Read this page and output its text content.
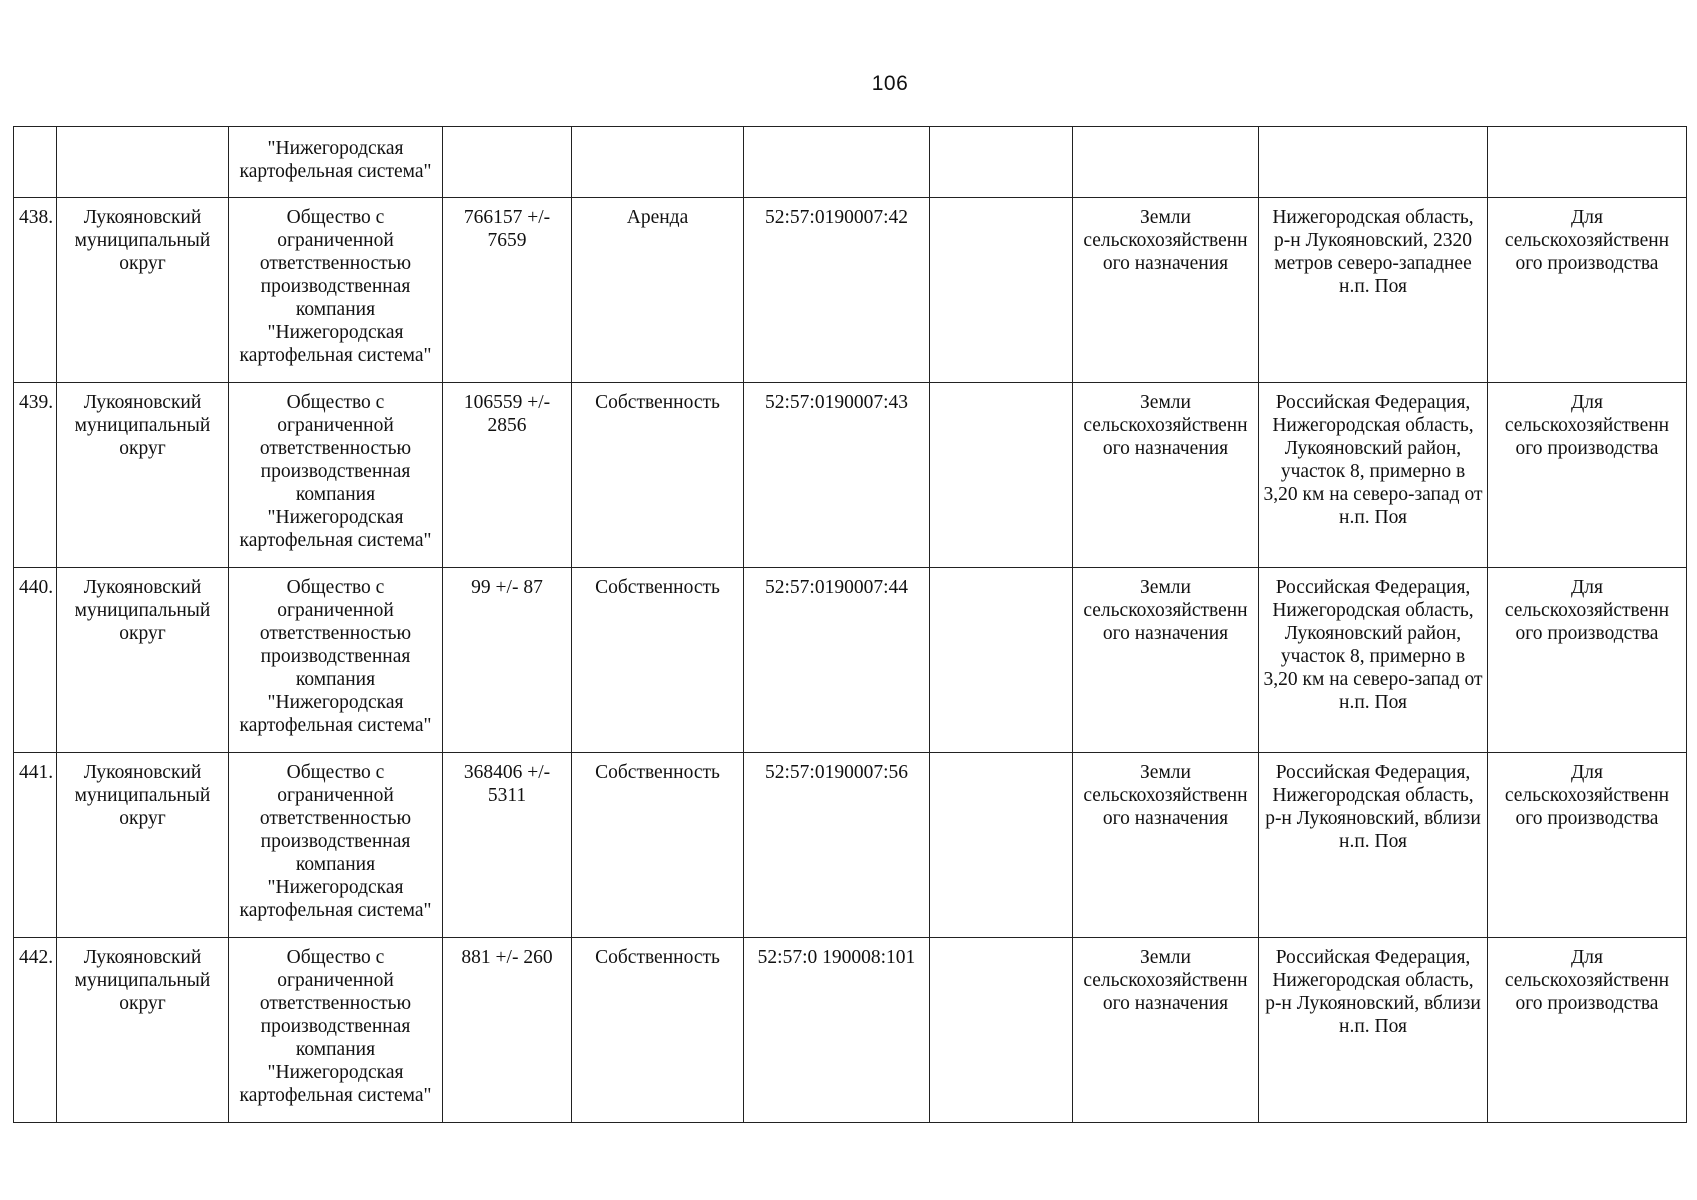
106
		"Нижегородская картофельная система"							
438.	Лукояновский муниципальный округ	Общество с ограниченной ответственностью производственная компания "Нижегородская картофельная система"	766157 +/- 7659	Аренда	52:57:0190007:42		Земли сельскохозяйственн ого назначения	Нижегородская область, р-н Лукояновский, 2320 метров северо-западнее н.п. Поя	Для сельскохозяйственн ого производства
439.	Лукояновский муниципальный округ	Общество с ограниченной ответственностью производственная компания "Нижегородская картофельная система"	106559 +/- 2856	Собственность	52:57:0190007:43		Земли сельскохозяйственн ого назначения	Российская Федерация, Нижегородская область, Лукояновский район, участок 8, примерно в 3,20 км на северо-запад от н.п. Поя	Для сельскохозяйственн ого производства
440.	Лукояновский муниципальный округ	Общество с ограниченной ответственностью производственная компания "Нижегородская картофельная система"	99 +/- 87	Собственность	52:57:0190007:44		Земли сельскохозяйственн ого назначения	Российская Федерация, Нижегородская область, Лукояновский район, участок 8, примерно в 3,20 км на северо-запад от н.п. Поя	Для сельскохозяйственн ого производства
441.	Лукояновский муниципальный округ	Общество с ограниченной ответственностью производственная компания "Нижегородская картофельная система"	368406 +/- 5311	Собственность	52:57:0190007:56		Земли сельскохозяйственн ого назначения	Российская Федерация, Нижегородская область, р-н Лукояновский, вблизи н.п. Поя	Для сельскохозяйственн ого производства
442.	Лукояновский муниципальный округ	Общество с ограниченной ответственностью производственная компания "Нижегородская картофельная система"	881 +/- 260	Собственность	52:57:0 190008:101		Земли сельскохозяйственн ого назначения	Российская Федерация, Нижегородская область, р-н Лукояновский, вблизи н.п. Поя	Для сельскохозяйственн ого производства
